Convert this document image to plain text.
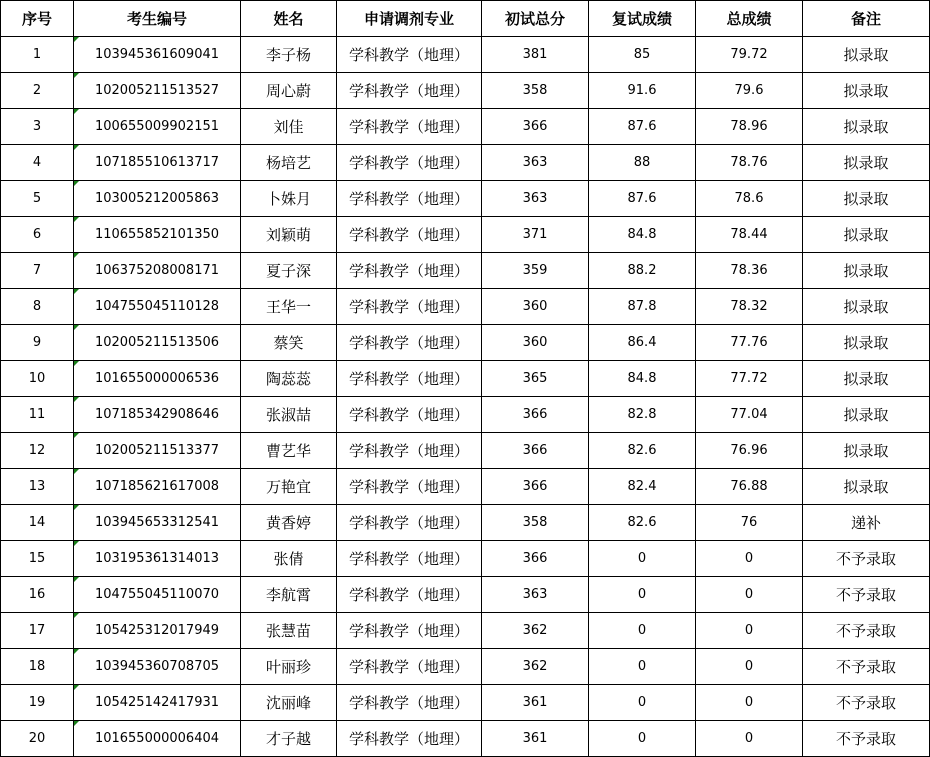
序号	考生编号	姓名	申请调剂专业	初试总分	复试成绩	总成绩	备注
1	103945361609041	李子杨	学科教学（地理）	381	85	79.72	拟录取
2	102005211513527	周心蔚	学科教学（地理）	358	91.6	79.6	拟录取
3	100655009902151	刘佳	学科教学（地理）	366	87.6	78.96	拟录取
4	107185510613717	杨培艺	学科教学（地理）	363	88	78.76	拟录取
5	103005212005863	卜姝月	学科教学（地理）	363	87.6	78.6	拟录取
6	110655852101350	刘颖萌	学科教学（地理）	371	84.8	78.44	拟录取
7	106375208008171	夏子深	学科教学（地理）	359	88.2	78.36	拟录取
8	104755045110128	王华一	学科教学（地理）	360	87.8	78.32	拟录取
9	102005211513506	蔡笑	学科教学（地理）	360	86.4	77.76	拟录取
10	101655000006536	陶蕊蕊	学科教学（地理）	365	84.8	77.72	拟录取
11	107185342908646	张淑喆	学科教学（地理）	366	82.8	77.04	拟录取
12	102005211513377	曹艺华	学科教学（地理）	366	82.6	76.96	拟录取
13	107185621617008	万艳宜	学科教学（地理）	366	82.4	76.88	拟录取
14	103945653312541	黄香婷	学科教学（地理）	358	82.6	76	递补
15	103195361314013	张倩	学科教学（地理）	366	0	0	不予录取
16	104755045110070	李航霄	学科教学（地理）	363	0	0	不予录取
17	105425312017949	张慧苗	学科教学（地理）	362	0	0	不予录取
18	103945360708705	叶丽珍	学科教学（地理）	362	0	0	不予录取
19	105425142417931	沈丽峰	学科教学（地理）	361	0	0	不予录取
20	101655000006404	才子越	学科教学（地理）	361	0	0	不予录取
